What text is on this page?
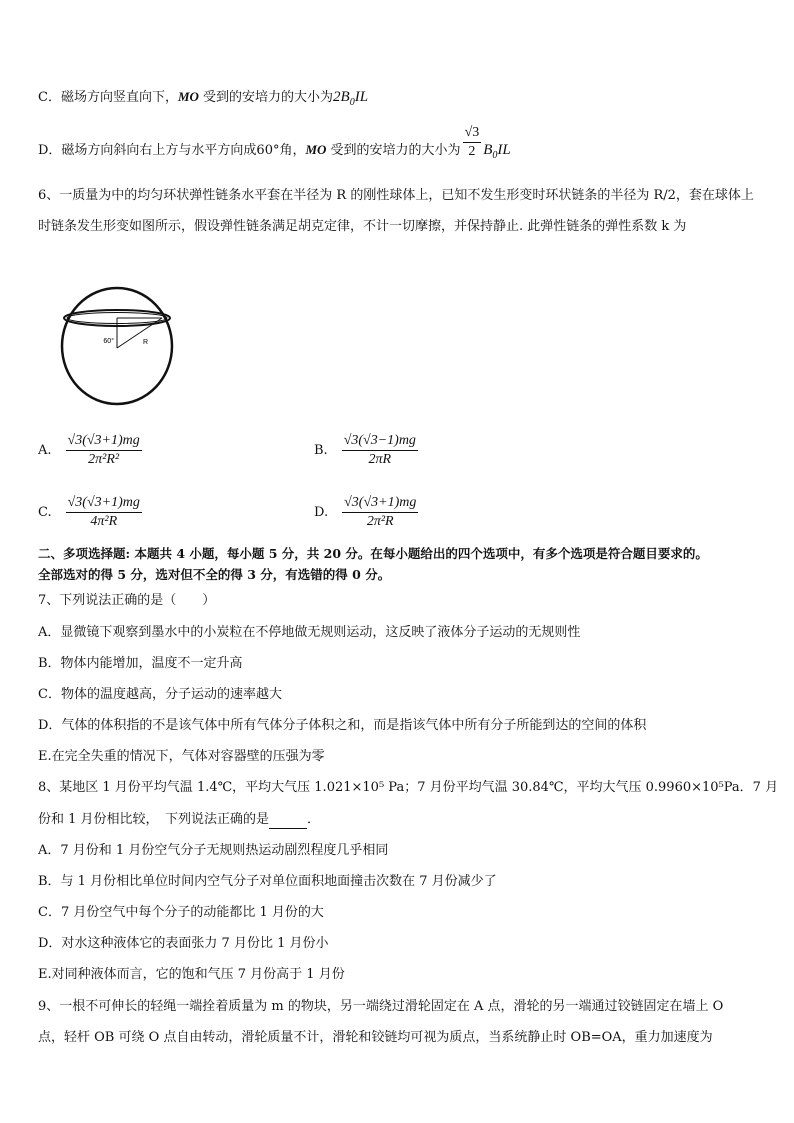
C．磁场方向竖直向下，MO 受到的安培力的大小为$2B_0IL$
D．磁场方向斜向右上方与水平方向成60°角，MO 受到的安培力的大小为 $\frac{√3}{2} B_0IL$
6、一质量为中的均匀环状弹性链条水平套在半径为 R 的刚性球体上，已知不发生形变时环状链条的半径为 R/2，套在球体上时链条发生形变如图所示，假设弹性链条满足胡克定律，不计一切摩擦，并保持静止. 此弹性链条的弹性系数 k 为
60°	R
A. $\frac{√3(√3+1)mg}{\text{2π²R²}}$	B. $\frac{√3(√3-1)mg}{2\pi R}$
C. $\frac{√3(√3+1)mg}{\text{4π²R}}$	D. $\frac{√3(√3+1)mg}{\text{2π²R}}$
二、多项选择题: 本题共 4 小题，每小题 5 分，共 20 分。在每小题给出的四个选项中，有多个选项是符合题目要求的。
全部选对的得 5 分，选对但不全的得 3 分，有选错的得 0 分。
7、下列说法正确的是（　　）
A．显微镜下观察到墨水中的小炭粒在不停地做无规则运动，这反映了液体分子运动的无规则性
B．物体内能增加，温度不一定升高
C．物体的温度越高，分子运动的速率越大
D．气体的体积指的不是该气体中所有气体分子体积之和，而是指该气体中所有分子所能到达的空间的体积
E.在完全失重的情况下，气体对容器壁的压强为零
8、某地区 1 月份平均气温 1.4℃，平均大气压 1.021×10⁵ Pa；7 月份平均气温 30.84℃，平均大气压 0.9960×10⁵Pa．7 月
份和 1 月份相比较，　下列说法正确的是	．
A．7 月份和 1 月份空气分子无规则热运动剧烈程度几乎相同
B．与 1 月份相比单位时间内空气分子对单位面积地面撞击次数在 7 月份减少了
C．7 月份空气中每个分子的动能都比 1 月份的大
D．对水这种液体它的表面张力 7 月份比 1 月份小
E.对同种液体而言，它的饱和气压 7 月份高于 1 月份
9、一根不可伸长的轻绳一端拴着质量为 m 的物块，另一端绕过滑轮固定在 A 点，滑轮的另一端通过铰链固定在墙上 O
点，轻杆 OB 可绕 O 点自由转动，滑轮质量不计，滑轮和铰链均可视为质点，当系统静止时 OB=OA，重力加速度为
